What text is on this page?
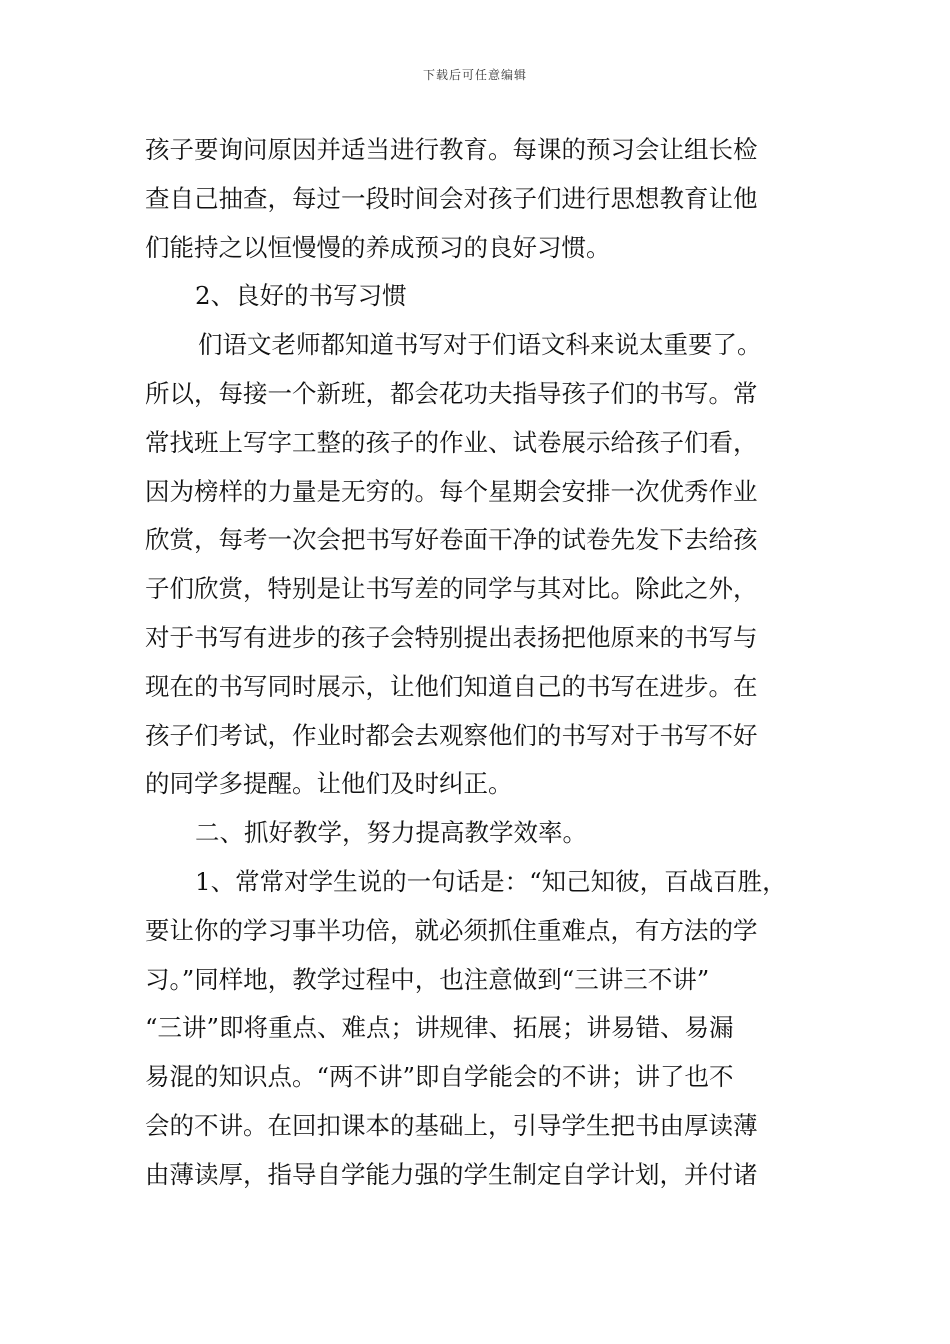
下载后可任意编辑
孩子要询问原因并适当进行教育。每课的预习会让组长检
查自己抽查，每过一段时间会对孩子们进行思想教育让他
们能持之以恒慢慢的养成预习的良好习惯。
2、良好的书写习惯
们语文老师都知道书写对于们语文科来说太重要了。
所以，每接一个新班，都会花功夫指导孩子们的书写。常
常找班上写字工整的孩子的作业、试卷展示给孩子们看，
因为榜样的力量是无穷的。每个星期会安排一次优秀作业
欣赏，每考一次会把书写好卷面干净的试卷先发下去给孩
子们欣赏，特别是让书写差的同学与其对比。除此之外，
对于书写有进步的孩子会特别提出表扬把他原来的书写与
现在的书写同时展示，让他们知道自己的书写在进步。在
孩子们考试，作业时都会去观察他们的书写对于书写不好
的同学多提醒。让他们及时纠正。
二、抓好教学，努力提高教学效率。
1、常常对学生说的一句话是：“知己知彼，百战百胜，
要让你的学习事半功倍，就必须抓住重难点，有方法的学
习。”同样地，教学过程中，也注意做到“三讲三不讲”
“三讲”即将重点、难点；讲规律、拓展；讲易错、易漏
易混的知识点。“两不讲”即自学能会的不讲；讲了也不
会的不讲。在回扣课本的基础上，引导学生把书由厚读薄
由薄读厚，指导自学能力强的学生制定自学计划，并付诸
